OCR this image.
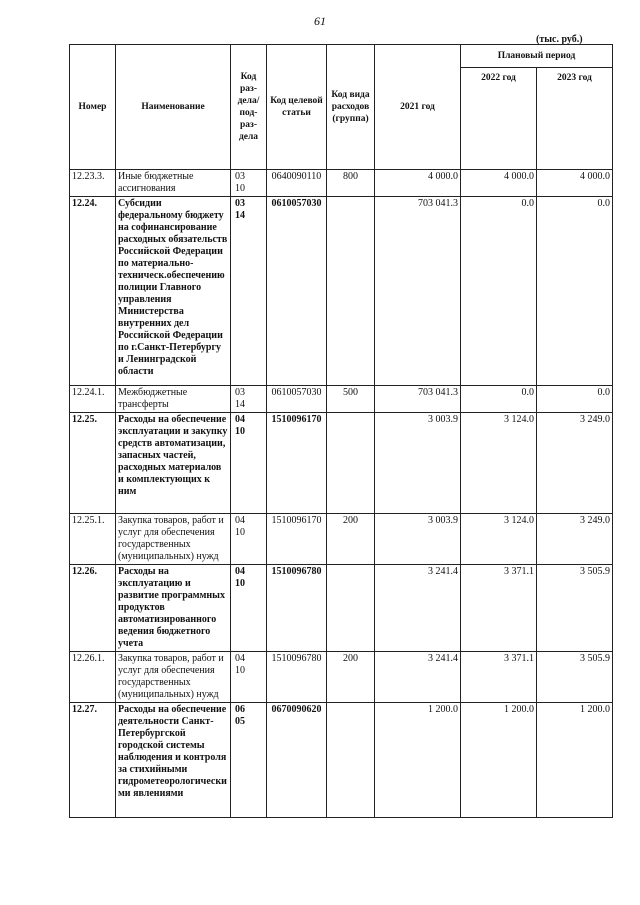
61
(тыс. руб.)
Номер	Наименование	Код раз- дела/ под- раз- дела	Код целевой статьи	Код вида расходов (группа)	2021 год	Плановый период	
						2022 год	2023 год
12.23.3.	Иные бюджетные ассигнования	0310	0640090110	800	4 000.0	4 000.0	4 000.0
12.24.	Субсидии федеральному бюджету на софинансирование расходных обязательств Российской Федерации по материально-техническ.обеспечению полиции Главного управления Министерства внутренних дел Российской Федерации по г.Санкт-Петербургу и Ленинградской области	0314	0610057030		703 041.3	0.0	0.0
12.24.1.	Межбюджетные трансферты	0314	0610057030	500	703 041.3	0.0	0.0
12.25.	Расходы на обеспечение эксплуатации и закупку средств автоматизации, запасных частей, расходных материалов и комплектующих к ним	0410	1510096170		3 003.9	3 124.0	3 249.0
12.25.1.	Закупка товаров, работ и услуг для обеспечения государственных (муниципальных) нужд	0410	1510096170	200	3 003.9	3 124.0	3 249.0
12.26.	Расходы на эксплуатацию и развитие программных продуктов автоматизированного ведения бюджетного учета	0410	1510096780		3 241.4	3 371.1	3 505.9
12.26.1.	Закупка товаров, работ и услуг для обеспечения государственных (муниципальных) нужд	0410	1510096780	200	3 241.4	3 371.1	3 505.9
12.27.	Расходы на обеспечение деятельности Санкт-Петербургской городской системы наблюдения и контроля за стихийными гидрометеорологически ми явлениями	0605	0670090620		1 200.0	1 200.0	1 200.0
